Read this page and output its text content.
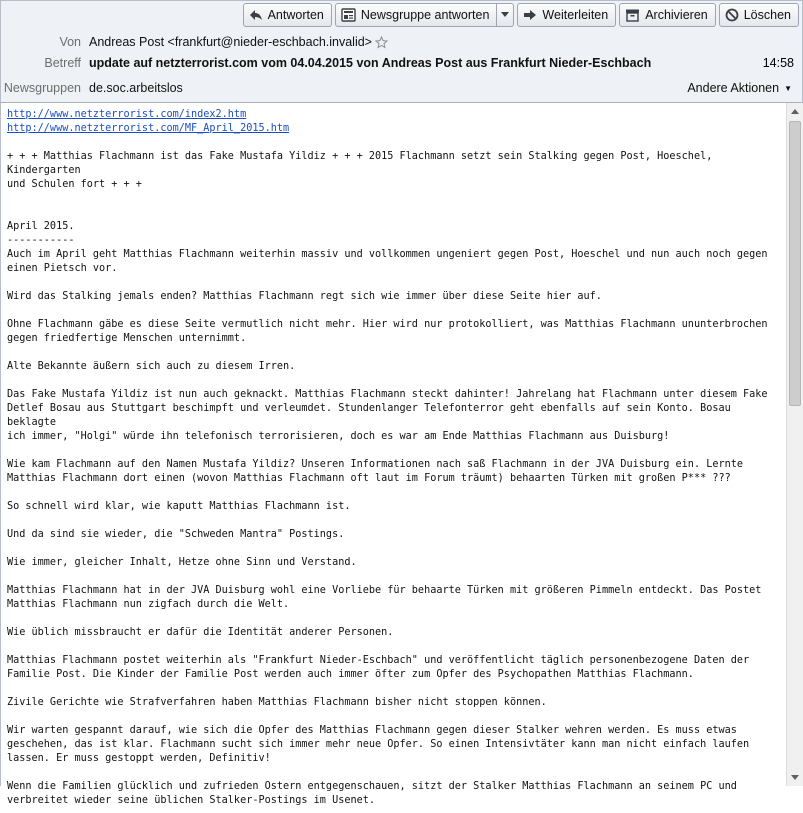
Antworten	Newsgruppe antworten	Weiterleiten	Archivieren	Löschen
Von Andreas Post <frankfurt@nieder-eschbach.invalid>
Betreff update auf netzterrorist.com vom 04.04.2015 von Andreas Post aus Frankfurt Nieder-Eschbach	14:58
Newsgruppen de.soc.arbeitslos	Andere Aktionen ▼
http://www.netzterrorist.com/index2.htm
http://www.netzterrorist.com/MF_April_2015.htm

+ + + Matthias Flachmann ist das Fake Mustafa Yildiz + + + 2015 Flachmann setzt sein Stalking gegen Post, Hoeschel, Kindergarten
und Schulen fort + + +

April 2015.
-----------
Auch im April geht Matthias Flachmann weiterhin massiv und vollkommen ungeniert gegen Post, Hoeschel und nun auch noch gegen
einen Pietsch vor.

Wird das Stalking jemals enden? Matthias Flachmann regt sich wie immer über diese Seite hier auf.

Ohne Flachmann gäbe es diese Seite vermutlich nicht mehr. Hier wird nur protokolliert, was Matthias Flachmann ununterbrochen
gegen friedfertige Menschen unternimmt.

Alte Bekannte äußern sich auch zu diesem Irren.

Das Fake Mustafa Yildiz ist nun auch geknackt. Matthias Flachmann steckt dahinter! Jahrelang hat Flachmann unter diesem Fake
Detlef Bosau aus Stuttgart beschimpft und verleumdet. Stundenlanger Telefonterror geht ebenfalls auf sein Konto. Bosau beklagte
ich immer, "Holgi" würde ihn telefonisch terrorisieren, doch es war am Ende Matthias Flachmann aus Duisburg!

Wie kam Flachmann auf den Namen Mustafa Yildiz? Unseren Informationen nach saß Flachmann in der JVA Duisburg ein. Lernte
Matthias Flachmann dort einen (wovon Matthias Flachmann oft laut im Forum träumt) behaarten Türken mit großen P*** ???

So schnell wird klar, wie kaputt Matthias Flachmann ist.

Und da sind sie wieder, die "Schweden Mantra" Postings.

Wie immer, gleicher Inhalt, Hetze ohne Sinn und Verstand.

Matthias Flachmann hat in der JVA Duisburg wohl eine Vorliebe für behaarte Türken mit größeren Pimmeln entdeckt. Das Postet
Matthias Flachmann nun zigfach durch die Welt.

Wie üblich missbraucht er dafür die Identität anderer Personen.

Matthias Flachmann postet weiterhin als "Frankfurt Nieder-Eschbach" und veröffentlicht täglich personenbezogene Daten der
Familie Post. Die Kinder der Familie Post werden auch immer öfter zum Opfer des Psychopathen Matthias Flachmann.

Zivile Gerichte wie Strafverfahren haben Matthias Flachmann bisher nicht stoppen können.

Wir warten gespannt darauf, wie sich die Opfer des Matthias Flachmann gegen dieser Stalker wehren werden. Es muss etwas
geschehen, das ist klar. Flachmann sucht sich immer mehr neue Opfer. So einen Intensivtäter kann man nicht einfach laufen
lassen. Er muss gestoppt werden, Definitiv!

Wenn die Familien glücklich und zufrieden Ostern entgegenschauen, sitzt der Stalker Matthias Flachmann an seinem PC und
verbreitet wieder seine üblichen Stalker-Postings im Usenet.
